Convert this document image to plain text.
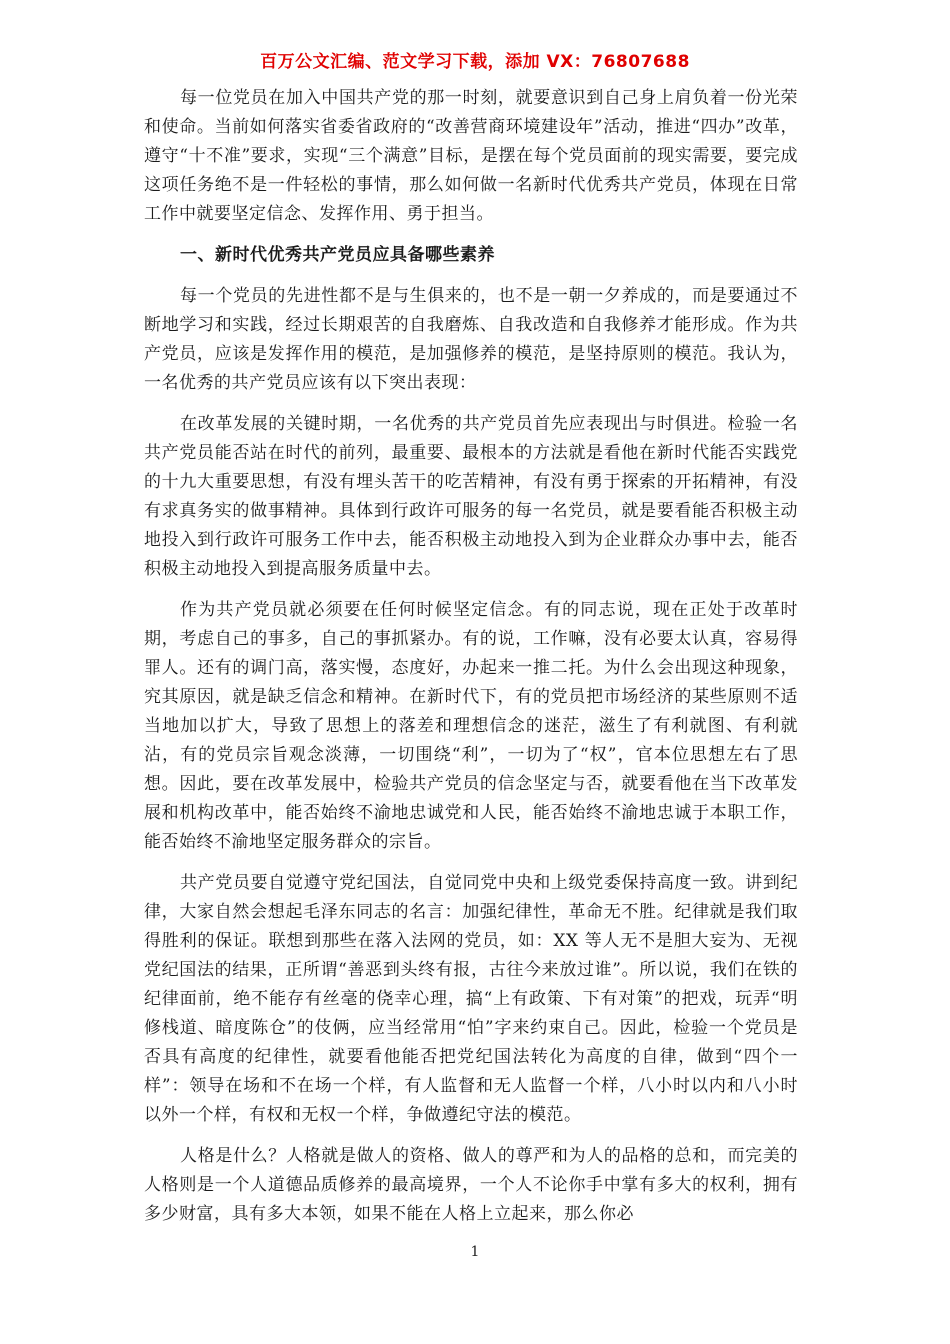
百万公文汇编、范文学习下载，添加 VX：76807688

每一位党员在加入中国共产党的那一时刻，就要意识到自己身上肩负着一份光荣和使命。当前如何落实省委省政府的“改善营商环境建设年”活动，推进“四办”改革，遵守“十不准”要求，实现“三个满意”目标，是摆在每个党员面前的现实需要，要完成这项任务绝不是一件轻松的事情，那么如何做一名新时代优秀共产党员，体现在日常工作中就要坚定信念、发挥作用、勇于担当。

一、新时代优秀共产党员应具备哪些素养

每一个党员的先进性都不是与生俱来的，也不是一朝一夕养成的，而是要通过不断地学习和实践，经过长期艰苦的自我磨炼、自我改造和自我修养才能形成。作为共产党员，应该是发挥作用的模范，是加强修养的模范，是坚持原则的模范。我认为，一名优秀的共产党员应该有以下突出表现：

在改革发展的关键时期，一名优秀的共产党员首先应表现出与时俱进。检验一名共产党员能否站在时代的前列，最重要、最根本的方法就是看他在新时代能否实践党的十九大重要思想，有没有埋头苦干的吃苦精神，有没有勇于探索的开拓精神，有没有求真务实的做事精神。具体到行政许可服务的每一名党员，就是要看能否积极主动地投入到行政许可服务工作中去，能否积极主动地投入到为企业群众办事中去，能否积极主动地投入到提高服务质量中去。

作为共产党员就必须要在任何时候坚定信念。有的同志说，现在正处于改革时期，考虑自己的事多，自己的事抓紧办。有的说，工作嘛，没有必要太认真，容易得罪人。还有的调门高，落实慢，态度好，办起来一推二托。为什么会出现这种现象，究其原因，就是缺乏信念和精神。在新时代下，有的党员把市场经济的某些原则不适当地加以扩大，导致了思想上的落差和理想信念的迷茫，滋生了有利就图、有利就沾，有的党员宗旨观念淡薄，一切围绕“利”，一切为了“权”，官本位思想左右了思想。因此，要在改革发展中，检验共产党员的信念坚定与否，就要看他在当下改革发展和机构改革中，能否始终不渝地忠诚党和人民，能否始终不渝地忠诚于本职工作，能否始终不渝地坚定服务群众的宗旨。

共产党员要自觉遵守党纪国法，自觉同党中央和上级党委保持高度一致。讲到纪律，大家自然会想起毛泽东同志的名言：加强纪律性，革命无不胜。纪律就是我们取得胜利的保证。联想到那些在落入法网的党员，如：XX 等人无不是胆大妄为、无视党纪国法的结果，正所谓“善恶到头终有报，古往今来放过谁”。所以说，我们在铁的纪律面前，绝不能存有丝毫的侥幸心理，搞“上有政策、下有对策”的把戏，玩弄“明修栈道、暗度陈仓”的伎俩，应当经常用“怕”字来约束自己。因此，检验一个党员是否具有高度的纪律性，就要看他能否把党纪国法转化为高度的自律，做到“四个一样”：领导在场和不在场一个样，有人监督和无人监督一个样，八小时以内和八小时以外一个样，有权和无权一个样，争做遵纪守法的模范。

人格是什么？人格就是做人的资格、做人的尊严和为人的品格的总和，而完美的人格则是一个人道德品质修养的最高境界，一个人不论你手中掌有多大的权利，拥有多少财富，具有多大本领，如果不能在人格上立起来，那么你必

1
